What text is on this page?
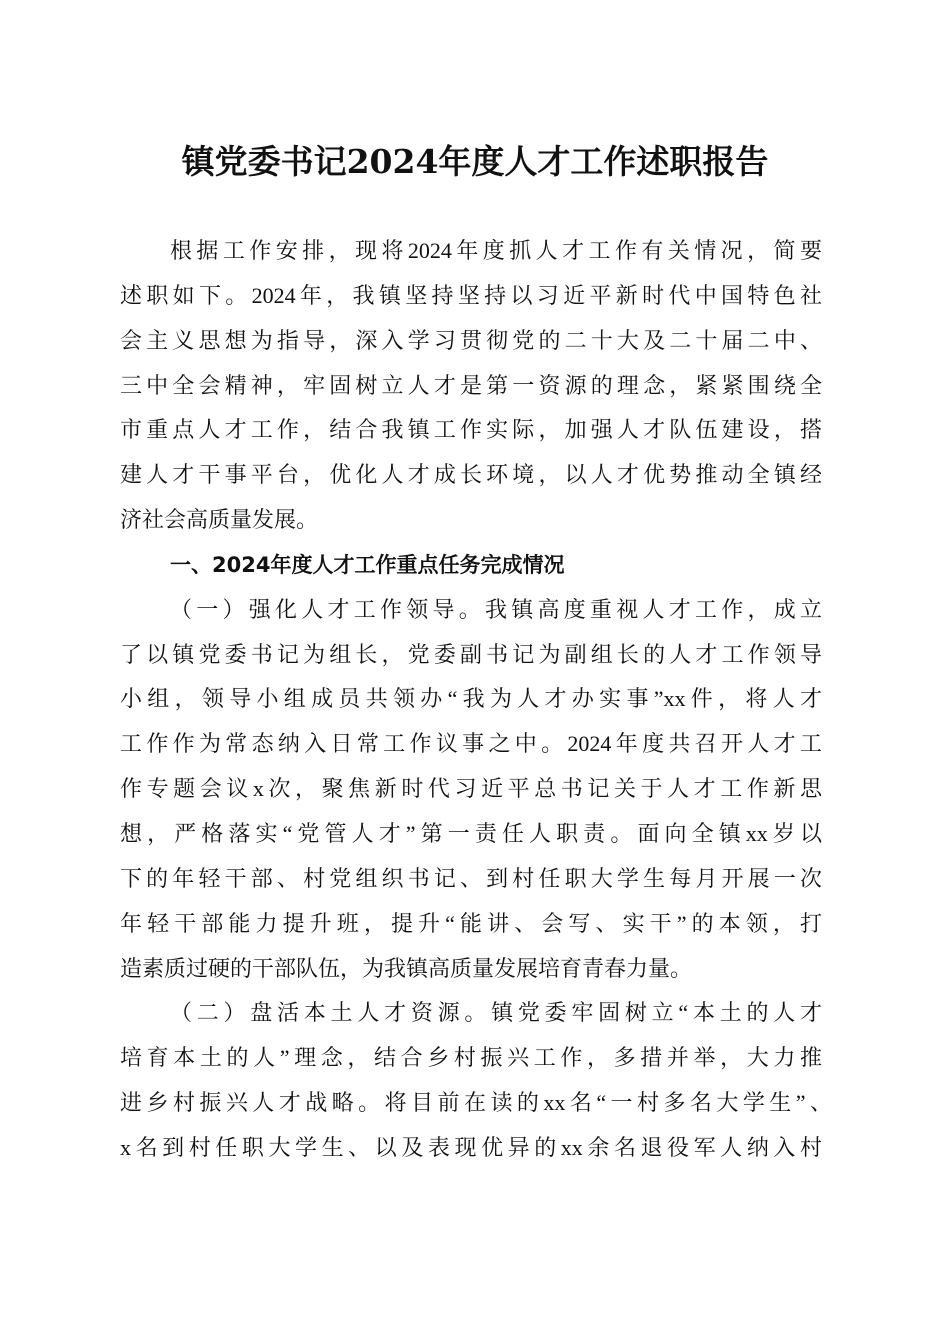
镇党委书记2024年度人才工作述职报告
根据工作安排，现将2024年度抓人才工作有关情况，简要
述职如下。2024年，我镇坚持坚持以习近平新时代中国特色社
会主义思想为指导，深入学习贯彻党的二十大及二十届二中、
三中全会精神，牢固树立人才是第一资源的理念，紧紧围绕全
市重点人才工作，结合我镇工作实际，加强人才队伍建设，搭
建人才干事平台，优化人才成长环境，以人才优势推动全镇经
济社会高质量发展。
一、2024年度人才工作重点任务完成情况
（一）强化人才工作领导。我镇高度重视人才工作，成立
了以镇党委书记为组长，党委副书记为副组长的人才工作领导
小组，领导小组成员共领办“我为人才办实事”xx件，将人才
工作作为常态纳入日常工作议事之中。2024年度共召开人才工
作专题会议x次，聚焦新时代习近平总书记关于人才工作新思
想，严格落实“党管人才”第一责任人职责。面向全镇xx岁以
下的年轻干部、村党组织书记、到村任职大学生每月开展一次
年轻干部能力提升班，提升“能讲、会写、实干”的本领，打
造素质过硬的干部队伍，为我镇高质量发展培育青春力量。
（二）盘活本土人才资源。镇党委牢固树立“本土的人才
培育本土的人”理念，结合乡村振兴工作，多措并举，大力推
进乡村振兴人才战略。将目前在读的xx名“一村多名大学生”、
x名到村任职大学生、以及表现优异的xx余名退役军人纳入村
